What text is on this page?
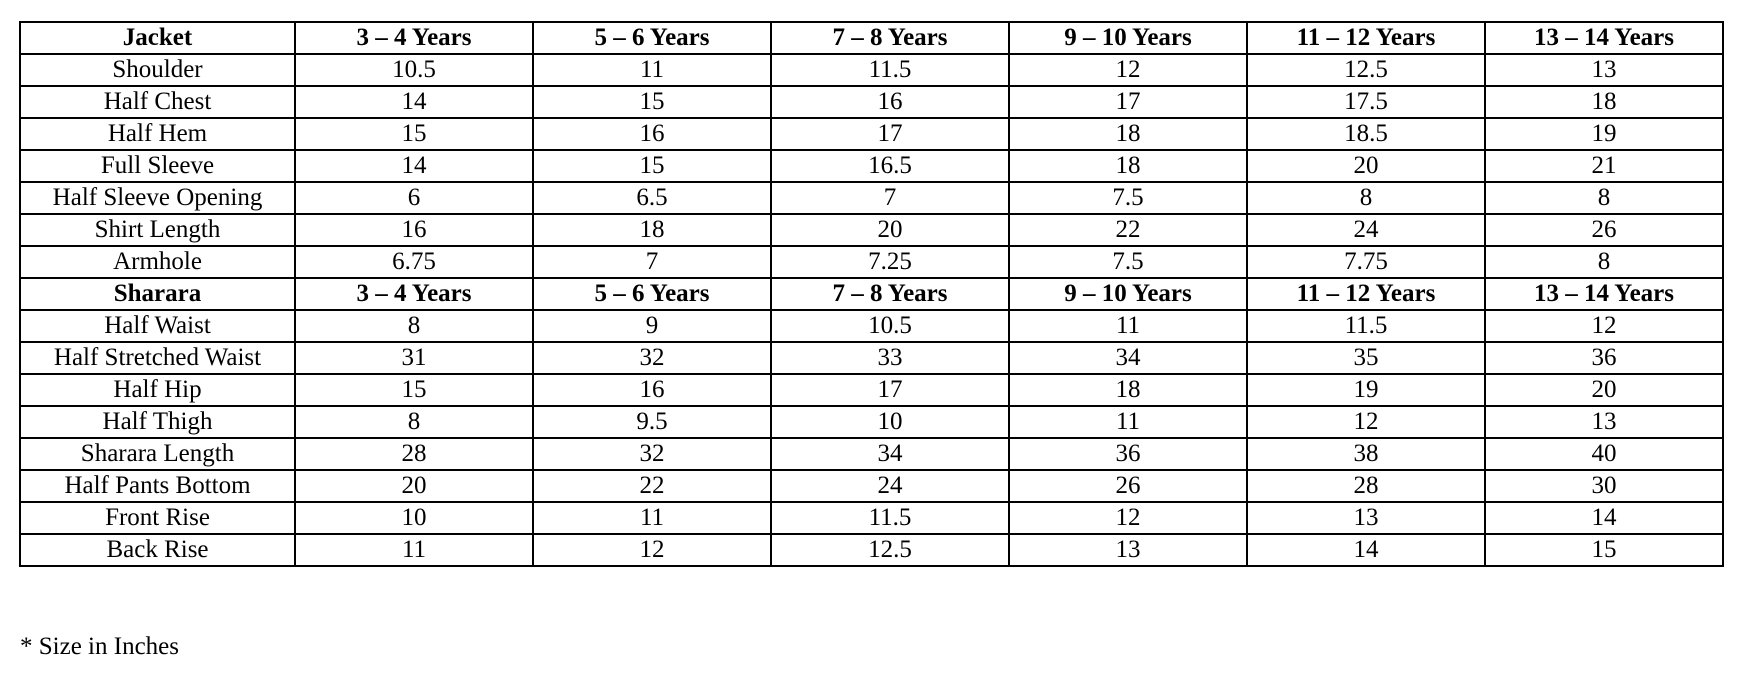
Jacket	3 – 4 Years	5 – 6 Years	7 – 8 Years	9 – 10 Years	11 – 12 Years	13 – 14 Years
Shoulder	10.5	11	11.5	12	12.5	13
Half Chest	14	15	16	17	17.5	18
Half Hem	15	16	17	18	18.5	19
Full Sleeve	14	15	16.5	18	20	21
Half Sleeve Opening	6	6.5	7	7.5	8	8
Shirt Length	16	18	20	22	24	26
Armhole	6.75	7	7.25	7.5	7.75	8
Sharara	3 – 4 Years	5 – 6 Years	7 – 8 Years	9 – 10 Years	11 – 12 Years	13 – 14 Years
Half Waist	8	9	10.5	11	11.5	12
Half Stretched Waist	31	32	33	34	35	36
Half Hip	15	16	17	18	19	20
Half Thigh	8	9.5	10	11	12	13
Sharara Length	28	32	34	36	38	40
Half Pants Bottom	20	22	24	26	28	30
Front Rise	10	11	11.5	12	13	14
Back Rise	11	12	12.5	13	14	15
* Size in Inches
